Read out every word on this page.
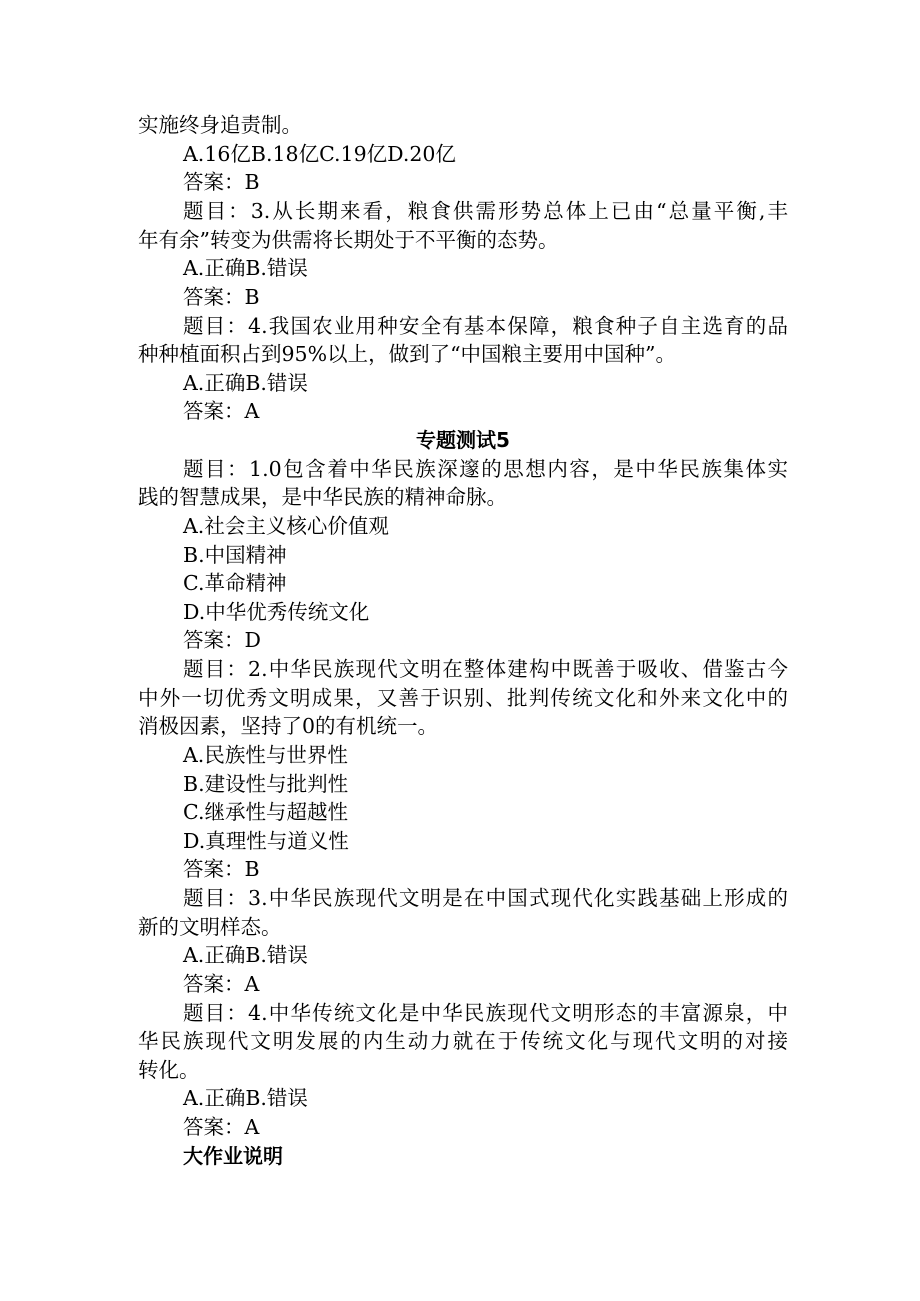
实施终身追责制。
A.16亿B.18亿C.19亿D.20亿
答案：B
题目：3.从长期来看，粮食供需形势总体上已由“总量平衡,丰
年有余”转变为供需将长期处于不平衡的态势。
A.正确B.错误
答案：B
题目：4.我国农业用种安全有基本保障，粮食种子自主选育的品
种种植面积占到95%以上，做到了“中国粮主要用中国种”。
A.正确B.错误
答案：A
专题测试5
题目：1.0包含着中华民族深邃的思想内容，是中华民族集体实
践的智慧成果，是中华民族的精神命脉。
A.社会主义核心价值观
B.中国精神
C.革命精神
D.中华优秀传统文化
答案：D
题目：2.中华民族现代文明在整体建构中既善于吸收、借鉴古今
中外一切优秀文明成果，又善于识别、批判传统文化和外来文化中的
消极因素，坚持了0的有机统一。
A.民族性与世界性
B.建设性与批判性
C.继承性与超越性
D.真理性与道义性
答案：B
题目：3.中华民族现代文明是在中国式现代化实践基础上形成的
新的文明样态。
A.正确B.错误
答案：A
题目：4.中华传统文化是中华民族现代文明形态的丰富源泉，中
华民族现代文明发展的内生动力就在于传统文化与现代文明的对接
转化。
A.正确B.错误
答案：A
大作业说明
